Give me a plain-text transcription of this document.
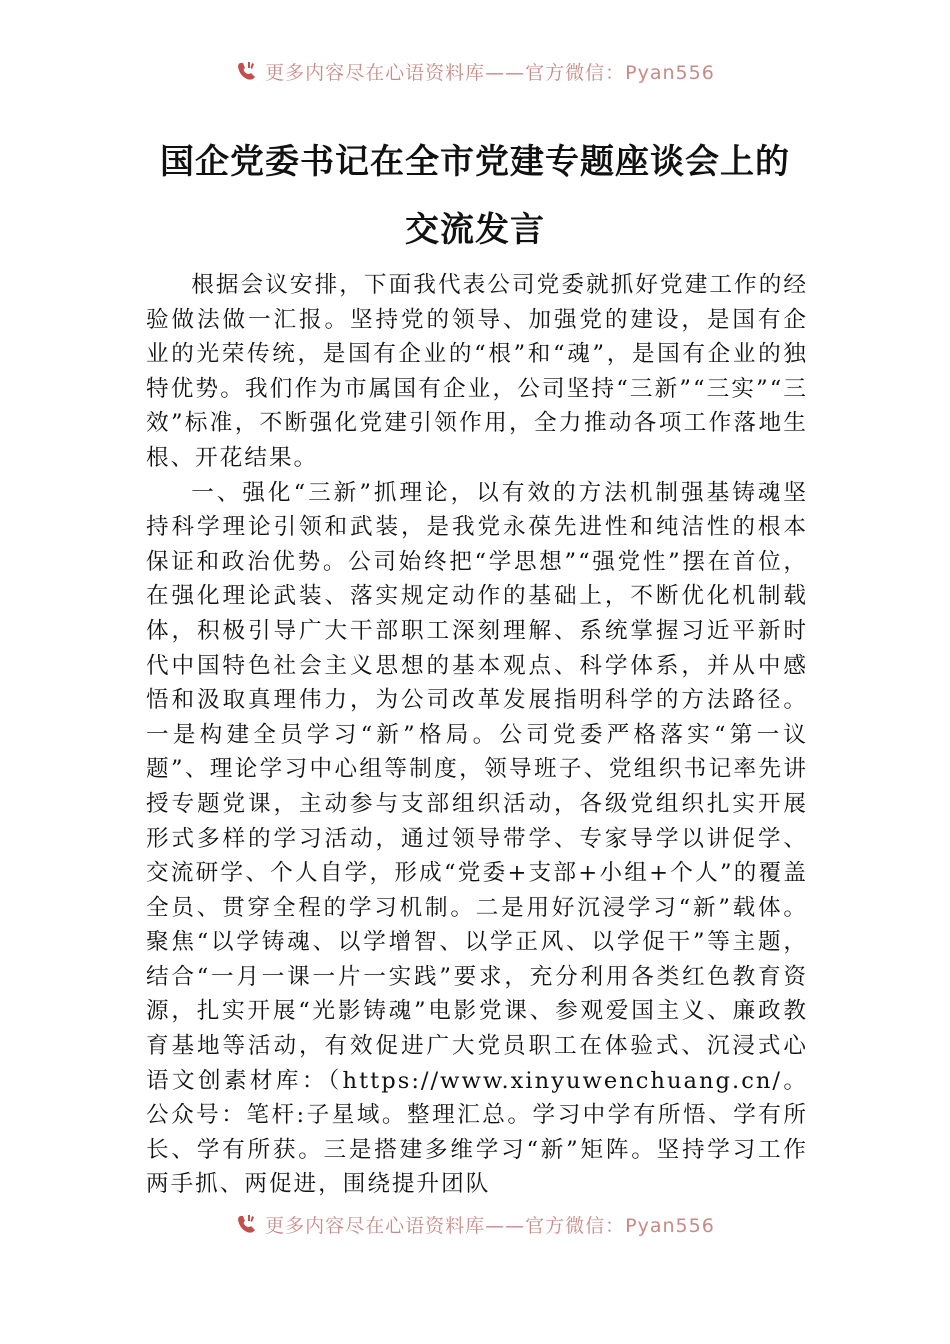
更多内容尽在心语资料库——官方微信：Pyan556
国企党委书记在全市党建专题座谈会上的
交流发言

根据会议安排，下面我代表公司党委就抓好党建工作的经验做法做一汇报。坚持党的领导、加强党的建设，是国有企业的光荣传统，是国有企业的“根”和“魂”，是国有企业的独特优势。我们作为市属国有企业，公司坚持“三新”“三实”“三效”标准，不断强化党建引领作用，全力推动各项工作落地生根、开花结果。

一、强化“三新”抓理论，以有效的方法机制强基铸魂坚持科学理论引领和武装，是我党永葆先进性和纯洁性的根本保证和政治优势。公司始终把“学思想”“强党性”摆在首位，在强化理论武装、落实规定动作的基础上，不断优化机制载体，积极引导广大干部职工深刻理解、系统掌握习近平新时代中国特色社会主义思想的基本观点、科学体系，并从中感悟和汲取真理伟力，为公司改革发展指明科学的方法路径。一是构建全员学习“新”格局。公司党委严格落实“第一议题”、理论学习中心组等制度，领导班子、党组织书记率先讲授专题党课，主动参与支部组织活动，各级党组织扎实开展形式多样的学习活动，通过领导带学、专家导学以讲促学、交流研学、个人自学，形成“党委+支部+小组+个人”的覆盖全员、贯穿全程的学习机制。二是用好沉浸学习“新”载体。聚焦“以学铸魂、以学增智、以学正风、以学促干”等主题，结合“一月一课一片一实践”要求，充分利用各类红色教育资源，扎实开展“光影铸魂”电影党课、参观爱国主义、廉政教育基地等活动，有效促进广大党员职工在体验式、沉浸式心语文创素材库：（https://www.xinyuwenchuang.cn/。公众号：笔杆:子星域。整理汇总。学习中学有所悟、学有所长、学有所获。三是搭建多维学习“新”矩阵。坚持学习工作两手抓、两促进，围绕提升团队

更多内容尽在心语资料库——官方微信：Pyan556
